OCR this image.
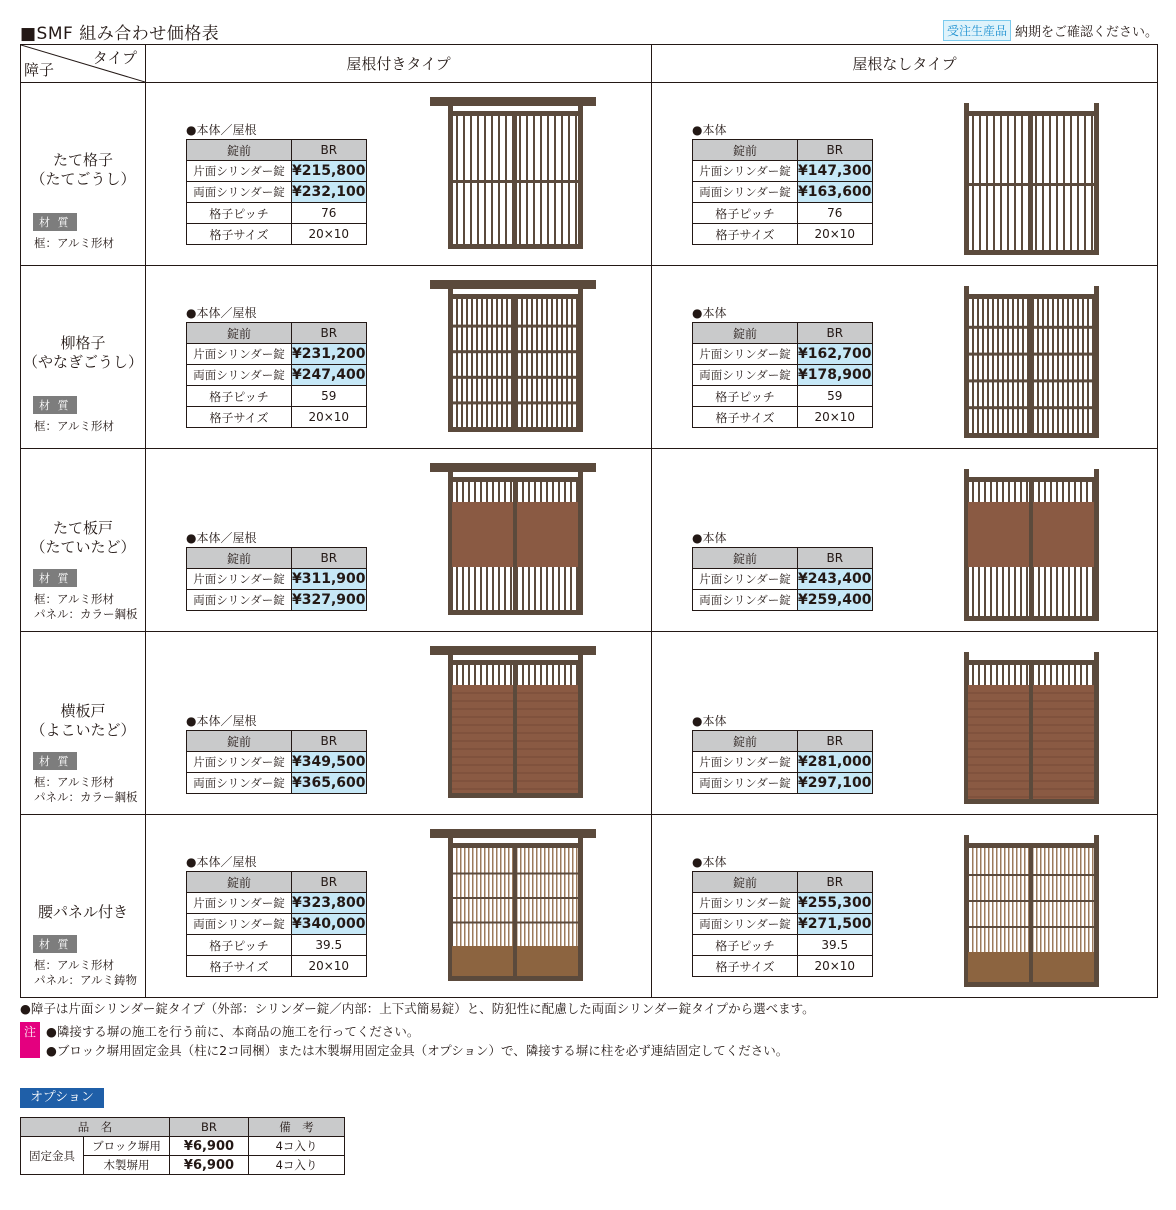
■SMF 組み合わせ価格表	受注生産品 納期をご確認ください。
タイプ
障子	屋根付きタイプ	屋根なしタイプ

たて格子
（たてごうし）
材 質
框：アルミ形材

●本体／屋根
錠前	BR
片面シリンダー錠	¥215,800
両面シリンダー錠	¥232,100
格子ピッチ	76
格子サイズ	20×10

●本体
錠前	BR
片面シリンダー錠	¥147,300
両面シリンダー錠	¥163,600
格子ピッチ	76
格子サイズ	20×10

柳格子
（やなぎごうし）
材 質
框：アルミ形材

●本体／屋根
錠前	BR
片面シリンダー錠	¥231,200
両面シリンダー錠	¥247,400
格子ピッチ	59
格子サイズ	20×10

●本体
錠前	BR
片面シリンダー錠	¥162,700
両面シリンダー錠	¥178,900
格子ピッチ	59
格子サイズ	20×10

たて板戸
（たていたど）
材 質
框：アルミ形材
パネル：カラー鋼板

●本体／屋根
錠前	BR
片面シリンダー錠	¥311,900
両面シリンダー錠	¥327,900

●本体
錠前	BR
片面シリンダー錠	¥243,400
両面シリンダー錠	¥259,400

横板戸
（よこいたど）
材 質
框：アルミ形材
パネル：カラー鋼板

●本体／屋根
錠前	BR
片面シリンダー錠	¥349,500
両面シリンダー錠	¥365,600

●本体
錠前	BR
片面シリンダー錠	¥281,000
両面シリンダー錠	¥297,100

腰パネル付き
材 質
框：アルミ形材
パネル：アルミ鋳物

●本体／屋根
錠前	BR
片面シリンダー錠	¥323,800
両面シリンダー錠	¥340,000
格子ピッチ	39.5
格子サイズ	20×10

●本体
錠前	BR
片面シリンダー錠	¥255,300
両面シリンダー錠	¥271,500
格子ピッチ	39.5
格子サイズ	20×10
●障子は片面シリンダー錠タイプ（外部：シリンダー錠／内部：上下式簡易錠）と、防犯性に配慮した両面シリンダー錠タイプから選べます。
注 ●隣接する塀の施工を行う前に、本商品の施工を行ってください。
●ブロック塀用固定金具（柱に2コ同梱）または木製塀用固定金具（オプション）で、隣接する塀に柱を必ず連結固定してください。
オプション
品　名		BR	備　考
固定金具	ブロック塀用	¥6,900	4コ入り
	木製塀用	¥6,900	4コ入り
